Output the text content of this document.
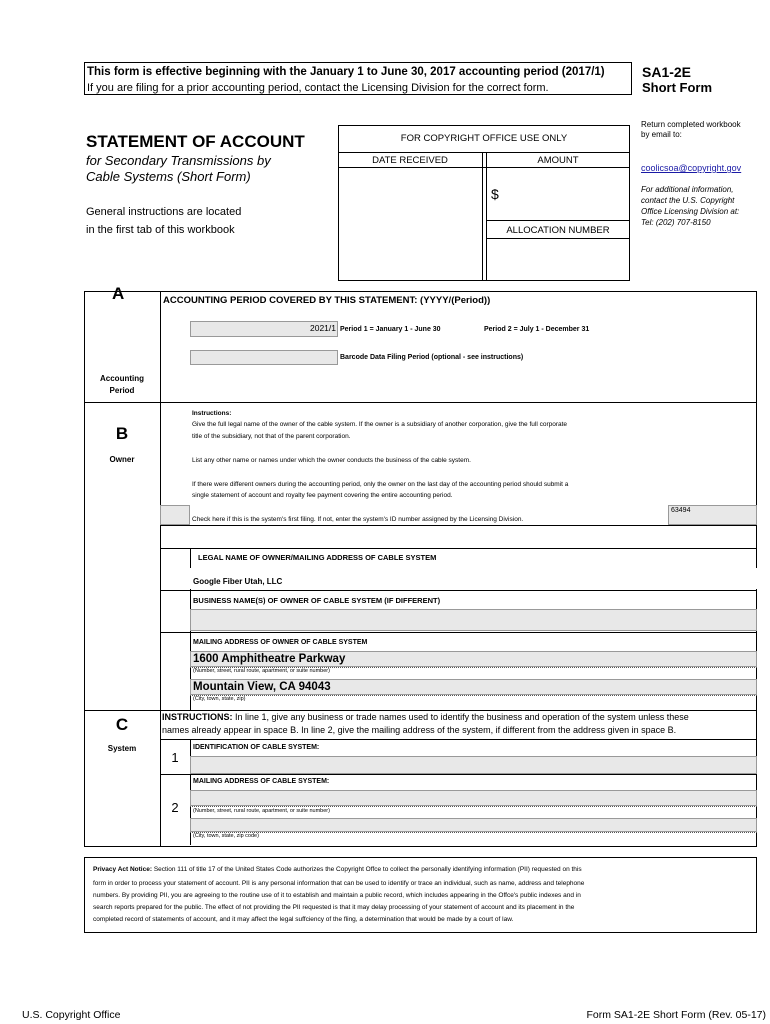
This form is effective beginning with the January 1 to June 30, 2017 accounting period (2017/1)
If you are filing for a prior accounting period, contact the Licensing Division for the correct form.
SA1-2E
Short Form
STATEMENT OF ACCOUNT
for Secondary Transmissions by
Cable Systems (Short Form)
General instructions are located
in the first tab of this workbook
FOR COPYRIGHT OFFICE USE ONLY
DATE RECEIVED	AMOUNT
$
ALLOCATION NUMBER
Return completed workbook
by email to:
coolicsoa@copyright.gov
For additional information,
contact the U.S. Copyright
Office Licensing Division at:
Tel: (202) 707-8150
A	ACCOUNTING PERIOD COVERED BY THIS STATEMENT: (YYYY/(Period))
2021/1 Period 1 = January 1 - June 30	Period 2 = July 1 - December 31
Barcode Data Filing Period (optional - see instructions)
Accounting
Period
B
Owner
Instructions:
Give the full legal name of the owner of the cable system. If the owner is a subsidiary of another corporation, give the full corporate
title of the subsidiary, not that of the parent corporation.
List any other name or names under which the owner conducts the business of the cable system.
If there were different owners during the accounting period, only the owner on the last day of the accounting period should submit a
single statement of account and royalty fee payment covering the entire accounting period.
Check here if this is the system's first filing. If not, enter the system's ID number assigned by the Licensing Division.
63494
LEGAL NAME OF OWNER/MAILING ADDRESS OF CABLE SYSTEM
Google Fiber Utah, LLC
BUSINESS NAME(S) OF OWNER OF CABLE SYSTEM (IF DIFFERENT)
MAILING ADDRESS OF OWNER OF CABLE SYSTEM
1600 Amphitheatre Parkway
(Number, street, rural route, apartment, or suite number)
Mountain View, CA 94043
(City, town, state, zip)
C
System
INSTRUCTIONS: In line 1, give any business or trade names used to identify the business and operation of the system unless these
names already appear in space B. In line 2, give the mailing address of the system, if different from the address given in space B.
1
IDENTIFICATION OF CABLE SYSTEM:
MAILING ADDRESS OF CABLE SYSTEM:
2	(Number, street, rural route, apartment, or suite number)
(City, town, state, zip code)
Privacy Act Notice: Section 111 of title 17 of the United States Code authorizes the Copyright Offce to collect the personally identifying information (PII) requested on this
form in order to process your statement of account. PII is any personal information that can be used to identify or trace an individual, such as name, address and telephone
numbers. By providing PII, you are agreeing to the routine use of it to establish and maintain a public record, which includes appearing in the Offce's public indexes and in
search reports prepared for the public. The effect of not providing the PII requested is that it may delay processing of your statement of account and its placement in the
completed record of statements of account, and it may affect the legal suffciency of the fling, a determination that would be made by a court of law.
U.S. Copyright Office	Form SA1-2E Short Form (Rev. 05-17)
